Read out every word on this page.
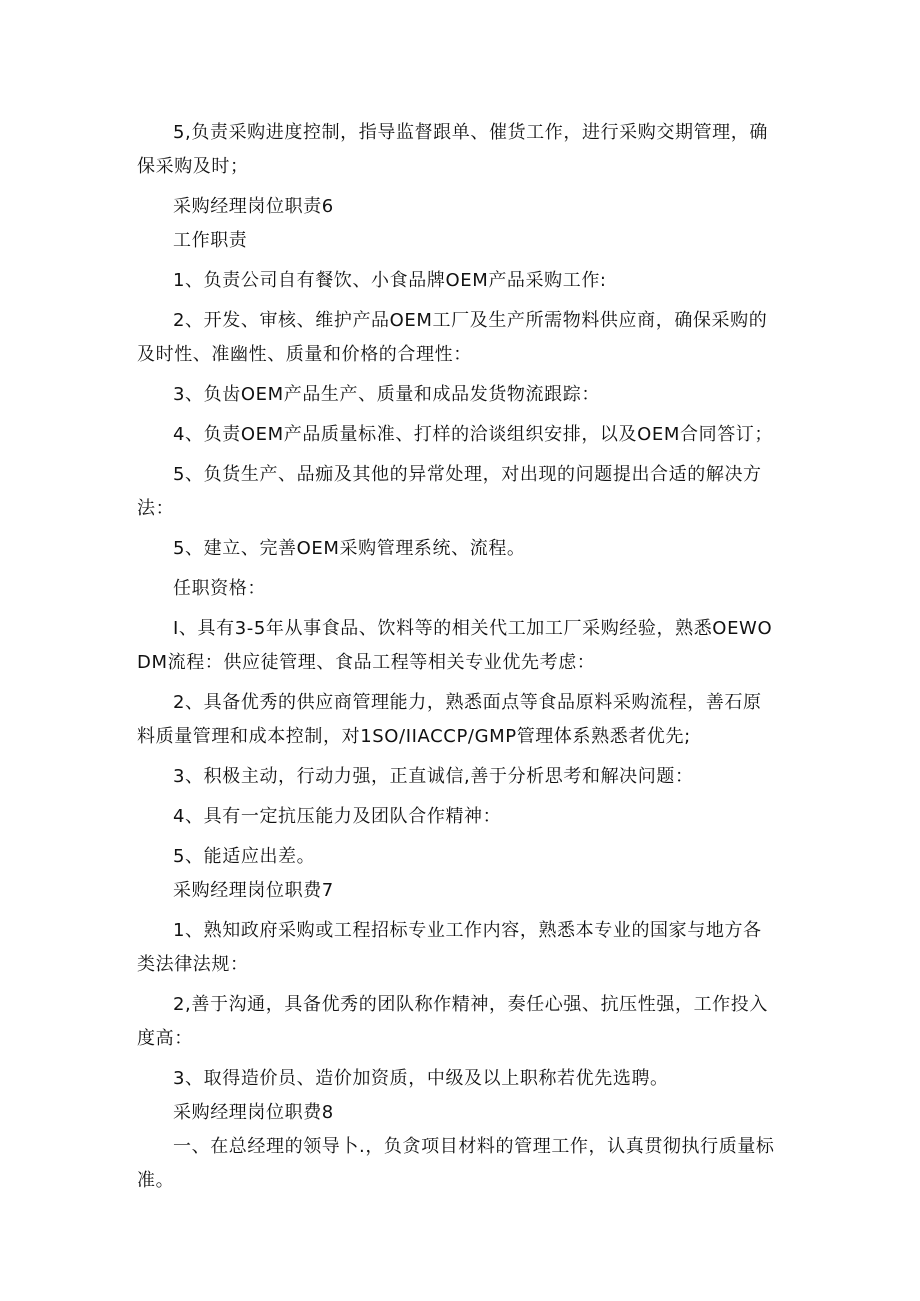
5,负责采购进度控制，指导监督跟单、催货工作，进行采购交期管理，确保采购及时；

采购经理岗位职责6

工作职责

1、负责公司自有餐饮、小食品牌OEM产品采购工作:

2、开发、审核、维护产品OEM工厂及生产所需物料供应商，确保采购的及时性、准幽性、质量和价格的合理性：

3、负齿OEM产品生产、质量和成品发货物流跟踪：

4、负责OEM产品质量标准、打样的洽谈组织安排，以及OEM合同答订；

5、负货生产、品痂及其他的异常处理，对出现的问题提出合适的解决方法：

5、建立、完善OEM采购管理系统、流程。

任职资格：

I、具有3-5年从事食品、饮料等的相关代工加工厂采购经验，熟悉OEWODM流程：供应徒管理、食品工程等相关专业优先考虑：

2、具备优秀的供应商管理能力，熟悉面点等食品原料采购流程，善石原料质量管理和成本控制，对1SO/IIACCP/GMP管理体系熟悉者优先;

3、积极主动，行动力强，正直诚信,善于分析思考和解决问题：

4、具有一定抗压能力及团队合作精神：

5、能适应出差。

采购经理岗位职费7

1、熟知政府采购或工程招标专业工作内容，熟悉本专业的国家与地方各类法律法规：

2,善于沟通，具备优秀的团队称作精神，奏任心强、抗压性强，工作投入度高：

3、取得造价员、造价加资质，中级及以上职称若优先选聘。

采购经理岗位职费8

一、在总经理的领导卜.，负贪项目材料的管理工作，认真贯彻执行质量标准。
